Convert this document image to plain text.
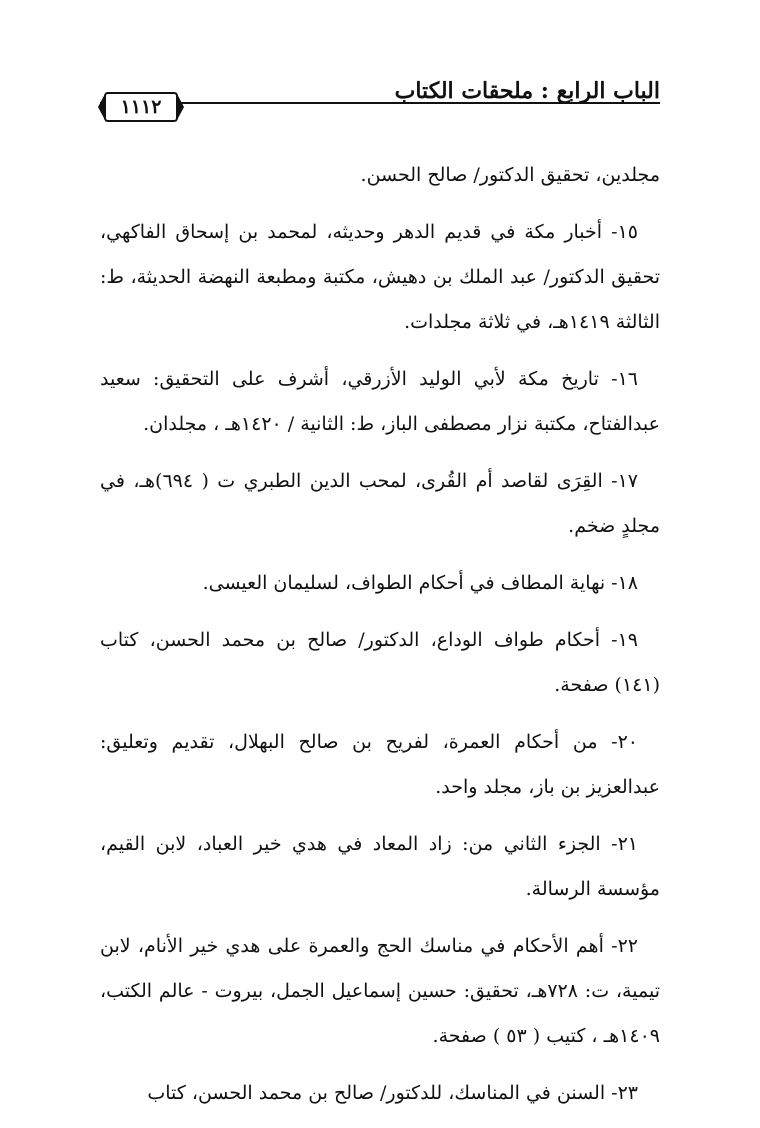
الباب الرابع : ملحقات الكتاب
١١١٢

مجلدين، تحقيق الدكتور/ صالح الحسن.

١٥- أخبار مكة في قديم الدهر وحديثه، لمحمد بن إسحاق الفاكهي، تحقيق الدكتور/ عبد الملك بن دهيش، مكتبة ومطبعة النهضة الحديثة، ط: الثالثة ١٤١٩هـ، في ثلاثة مجلدات.

١٦- تاريخ مكة لأبي الوليد الأزرقي، أشرف على التحقيق: سعيد عبدالفتاح، مكتبة نزار مصطفى الباز، ط: الثانية / ١٤٢٠هـ ، مجلدان.

١٧- القِرَى لقاصد أم القُرى، لمحب الدين الطبري ت ( ٦٩٤)هـ، في مجلدٍ ضخم.

١٨- نهاية المطاف في أحكام الطواف، لسليمان العيسى.

١٩- أحكام طواف الوداع، الدكتور/ صالح بن محمد الحسن، كتاب (١٤١) صفحة.

٢٠- من أحكام العمرة، لفريح بن صالح البهلال، تقديم وتعليق: عبدالعزيز بن باز، مجلد واحد.

٢١- الجزء الثاني من: زاد المعاد في هدي خير العباد، لابن القيم، مؤسسة الرسالة.

٢٢- أهم الأحكام في مناسك الحج والعمرة على هدي خير الأنام، لابن تيمية، ت: ٧٢٨هـ، تحقيق: حسين إسماعيل الجمل، بيروت - عالم الكتب، ١٤٠٩هـ ، كتيب ( ٥٣ ) صفحة.

٢٣- السنن في المناسك، للدكتور/ صالح بن محمد الحسن، كتاب
